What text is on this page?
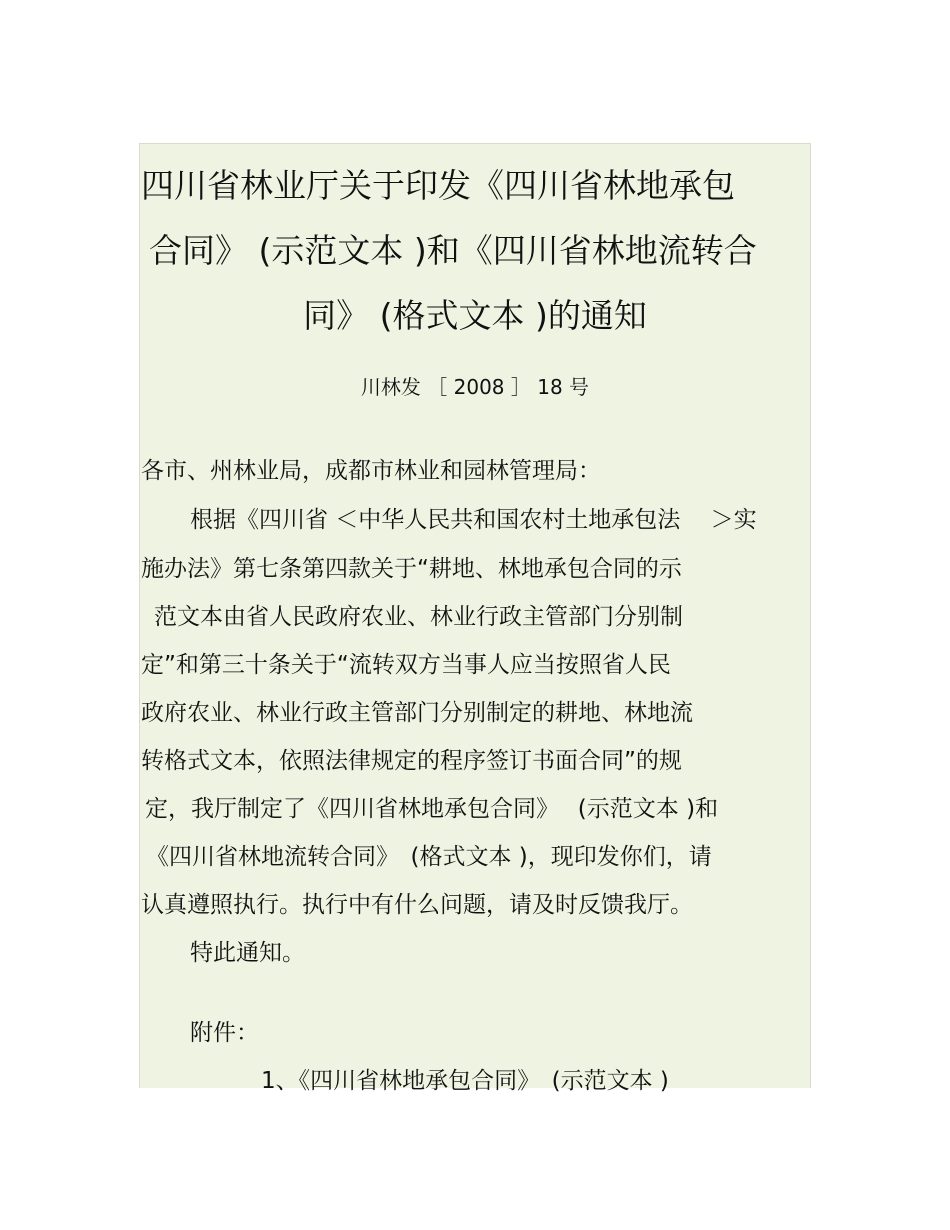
四川省林业厅关于印发《四川省林地承包
合同》 (示范文本 )和《四川省林地流转合
同》 (格式文本 )的通知
川林发 ［ 2008 ］ 18 号
各市、州林业局，成都市林业和园林管理局：
根据《四川省 ＜中华人民共和国农村土地承包法　 ＞实
施办法》第七条第四款关于“耕地、林地承包合同的示
范文本由省人民政府农业、林业行政主管部门分别制
定”和第三十条关于“流转双方当事人应当按照省人民
政府农业、林业行政主管部门分别制定的耕地、林地流
转格式文本，依照法律规定的程序签订书面合同”的规
定，我厅制定了《四川省林地承包合同》　 (示范文本 )和
《四川省林地流转合同》　(格式文本 )，现印发你们，请
认真遵照执行。执行中有什么问题，请及时反馈我厅。
特此通知。
附件：
1、《四川省林地承包合同》　(示范文本 )
